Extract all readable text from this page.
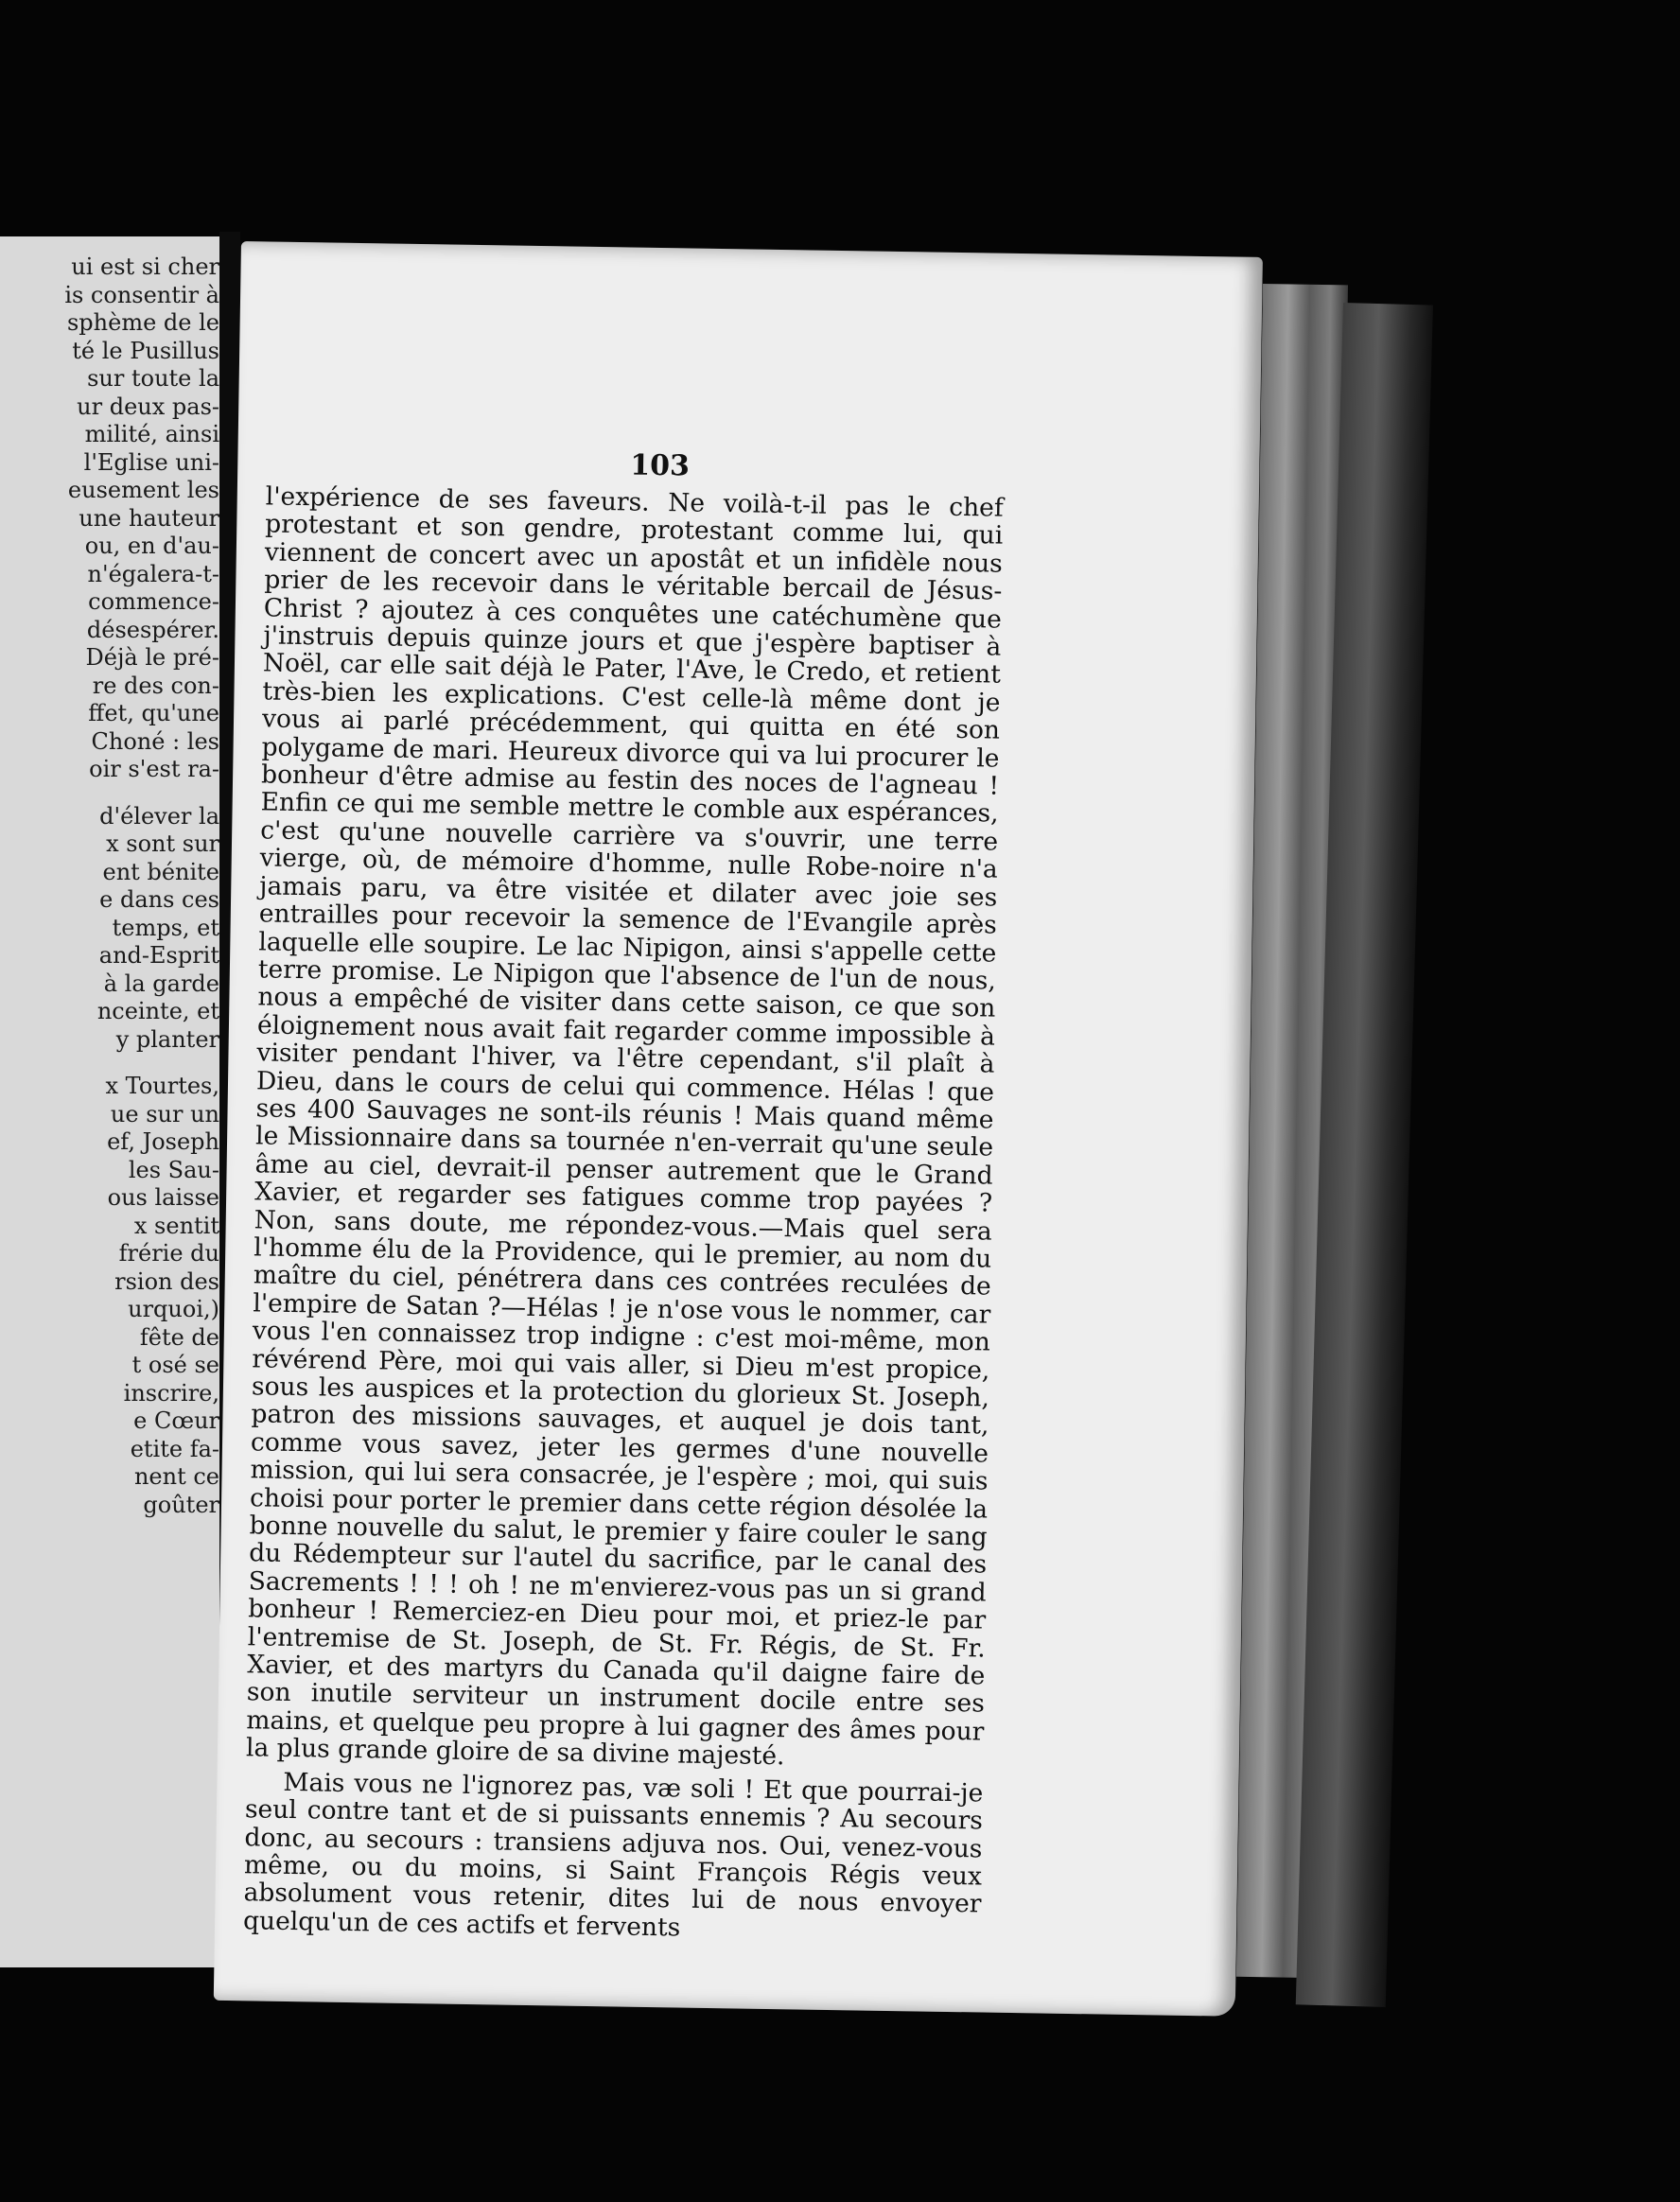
ui est si cher
is consentir à
sphème de le
té le Pusillus
sur toute la
ur deux pas-
milité, ainsi
l'Eglise uni-
eusement les
une hauteur
ou, en d'au-
n'égalera-t-
commence-
désespérer.
Déjà le pré-
re des con-
ffet, qu'une
Choné : les
oir s'est ra-
d'élever la
x sont sur
ent bénite
e dans ces
temps, et
and-Esprit
à la garde
nceinte, et
y planter
x Tourtes,
ue sur un
ef, Joseph
les Sau-
ous laisse
x sentit
frérie du
rsion des
urquoi,)
fête de
t osé se
inscrire,
e Cœur
etite fa-
nent ce
goûter
103

l'expérience de ses faveurs. Ne voilà-t-il pas le chef protestant et son gendre, protestant comme lui, qui viennent de concert avec un apostât et un infidèle nous prier de les recevoir dans le véritable bercail de Jésus-Christ ? ajoutez à ces conquêtes une catéchumène que j'instruis depuis quinze jours et que j'espère baptiser à Noël, car elle sait déjà le Pater, l'Ave, le Credo, et retient très-bien les explications. C'est celle-là même dont je vous ai parlé précédemment, qui quitta en été son polygame de mari. Heureux divorce qui va lui procurer le bonheur d'être admise au festin des noces de l'agneau ! Enfin ce qui me semble mettre le comble aux espérances, c'est qu'une nouvelle carrière va s'ouvrir, une terre vierge, où, de mémoire d'homme, nulle Robe-noire n'a jamais paru, va être visitée et dilater avec joie ses entrailles pour recevoir la semence de l'Evangile après laquelle elle soupire. Le lac Nipigon, ainsi s'appelle cette terre promise. Le Nipigon que l'absence de l'un de nous, nous a empêché de visiter dans cette saison, ce que son éloignement nous avait fait regarder comme impossible à visiter pendant l'hiver, va l'être cependant, s'il plaît à Dieu, dans le cours de celui qui commence. Hélas ! que ses 400 Sauvages ne sont-ils réunis ! Mais quand même le Missionnaire dans sa tournée n'en-verrait qu'une seule âme au ciel, devrait-il penser autrement que le Grand Xavier, et regarder ses fatigues comme trop payées ? Non, sans doute, me répondez-vous.—Mais quel sera l'homme élu de la Providence, qui le premier, au nom du maître du ciel, pénétrera dans ces contrées reculées de l'empire de Satan ?—Hélas ! je n'ose vous le nommer, car vous l'en connaissez trop indigne : c'est moi-même, mon révérend Père, moi qui vais aller, si Dieu m'est propice, sous les auspices et la protection du glorieux St. Joseph, patron des missions sauvages, et auquel je dois tant, comme vous savez, jeter les germes d'une nouvelle mission, qui lui sera consacrée, je l'espère ; moi, qui suis choisi pour porter le premier dans cette région désolée la bonne nouvelle du salut, le premier y faire couler le sang du Rédempteur sur l'autel du sacrifice, par le canal des Sacrements ! ! ! oh ! ne m'envierez-vous pas un si grand bonheur ! Remerciez-en Dieu pour moi, et priez-le par l'entremise de St. Joseph, de St. Fr. Régis, de St. Fr. Xavier, et des martyrs du Canada qu'il daigne faire de son inutile serviteur un instrument docile entre ses mains, et quelque peu propre à lui gagner des âmes pour la plus grande gloire de sa divine majesté.

Mais vous ne l'ignorez pas, væ soli ! Et que pourrai-je seul contre tant et de si puissants ennemis ? Au secours donc, au secours : transiens adjuva nos. Oui, venez-vous même, ou du moins, si Saint François Régis veux absolument vous retenir, dites lui de nous envoyer quelqu'un de ces actifs et fervents
